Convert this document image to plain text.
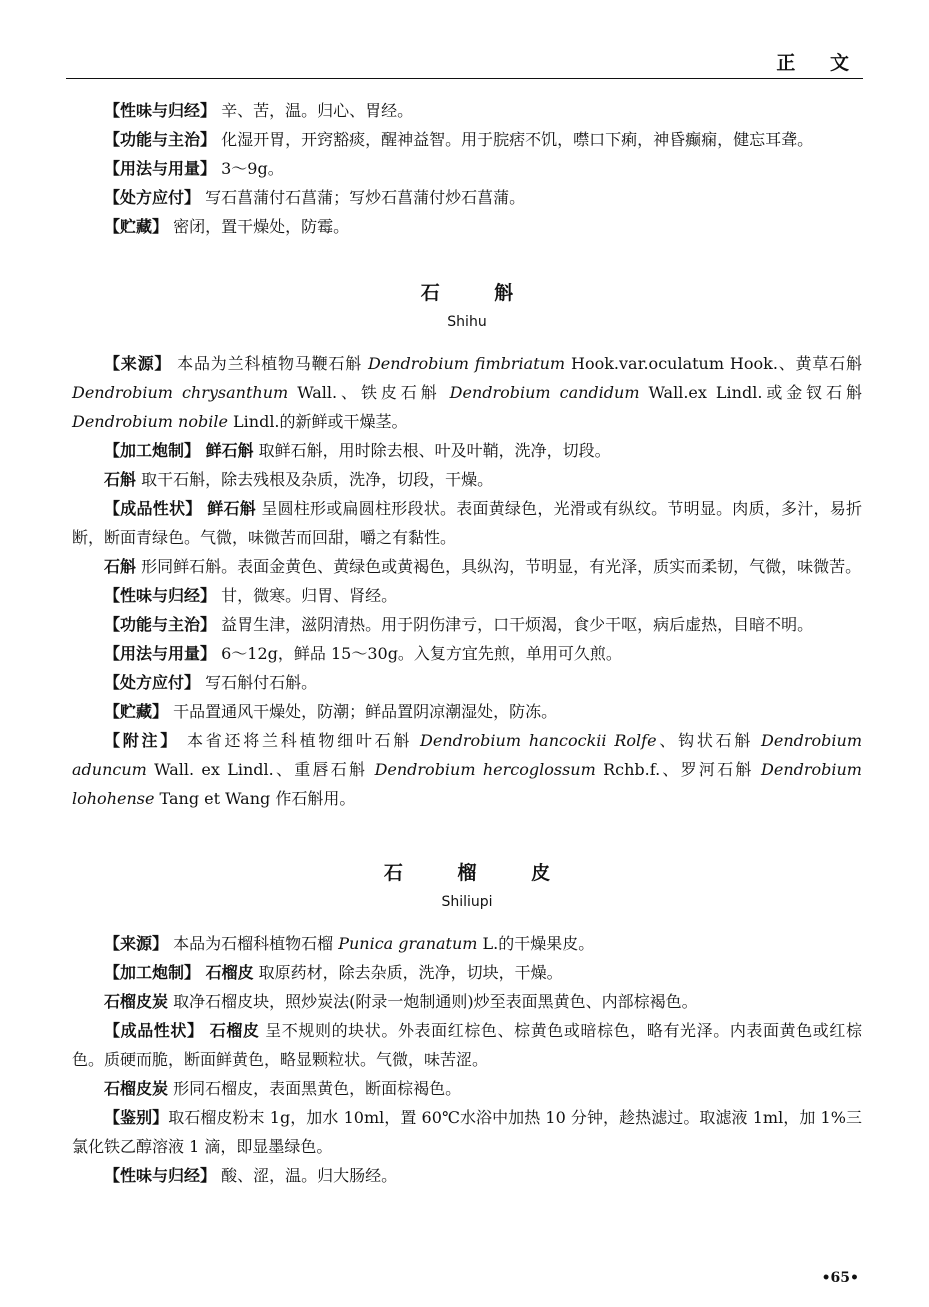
正 文

【性味与归经】 辛、苦，温。归心、胃经。

【功能与主治】 化湿开胃，开窍豁痰，醒神益智。用于脘痞不饥，噤口下痢，神昏癫痫，健忘耳聋。

【用法与用量】 3～9g。

【处方应付】 写石菖蒲付石菖蒲；写炒石菖蒲付炒石菖蒲。

【贮藏】 密闭，置干燥处，防霉。

石 斛

Shihu

【来源】 本品为兰科植物马鞭石斛 Dendrobium fimbriatum Hook.var.oculatum Hook.、黄草石斛 Dendrobium chrysanthum Wall.、铁皮石斛 Dendrobium candidum Wall.ex Lindl.或金钗石斛 Dendrobium nobile Lindl.的新鲜或干燥茎。

【加工炮制】 鲜石斛 取鲜石斛，用时除去根、叶及叶鞘，洗净，切段。

石斛 取干石斛，除去残根及杂质，洗净，切段，干燥。

【成品性状】 鲜石斛 呈圆柱形或扁圆柱形段状。表面黄绿色，光滑或有纵纹。节明显。肉质，多汁，易折断，断面青绿色。气微，味微苦而回甜，嚼之有黏性。

石斛 形同鲜石斛。表面金黄色、黄绿色或黄褐色，具纵沟，节明显，有光泽，质实而柔韧，气微，味微苦。

【性味与归经】 甘，微寒。归胃、肾经。

【功能与主治】 益胃生津，滋阴清热。用于阴伤津亏，口干烦渴，食少干呕，病后虚热，目暗不明。

【用法与用量】 6～12g，鲜品 15～30g。入复方宜先煎，单用可久煎。

【处方应付】 写石斛付石斛。

【贮藏】 干品置通风干燥处，防潮；鲜品置阴凉潮湿处，防冻。

【附注】 本省还将兰科植物细叶石斛 Dendrobium hancockii Rolfe、钩状石斛 Dendrobium aduncum Wall. ex Lindl.、重唇石斛 Dendrobium hercoglossum Rchb.f.、罗河石斛 Dendrobium lohohense Tang et Wang 作石斛用。

石 榴 皮

Shiliupi

【来源】 本品为石榴科植物石榴 Punica granatum L.的干燥果皮。

【加工炮制】 石榴皮 取原药材，除去杂质，洗净，切块，干燥。

石榴皮炭 取净石榴皮块，照炒炭法(附录一炮制通则)炒至表面黑黄色、内部棕褐色。

【成品性状】 石榴皮 呈不规则的块状。外表面红棕色、棕黄色或暗棕色，略有光泽。内表面黄色或红棕色。质硬而脆，断面鲜黄色，略显颗粒状。气微，味苦涩。

石榴皮炭 形同石榴皮，表面黑黄色，断面棕褐色。

【鉴别】取石榴皮粉末 1g，加水 10ml，置 60℃水浴中加热 10 分钟，趁热滤过。取滤液 1ml，加 1%三氯化铁乙醇溶液 1 滴，即显墨绿色。

【性味与归经】 酸、涩，温。归大肠经。

•65•
